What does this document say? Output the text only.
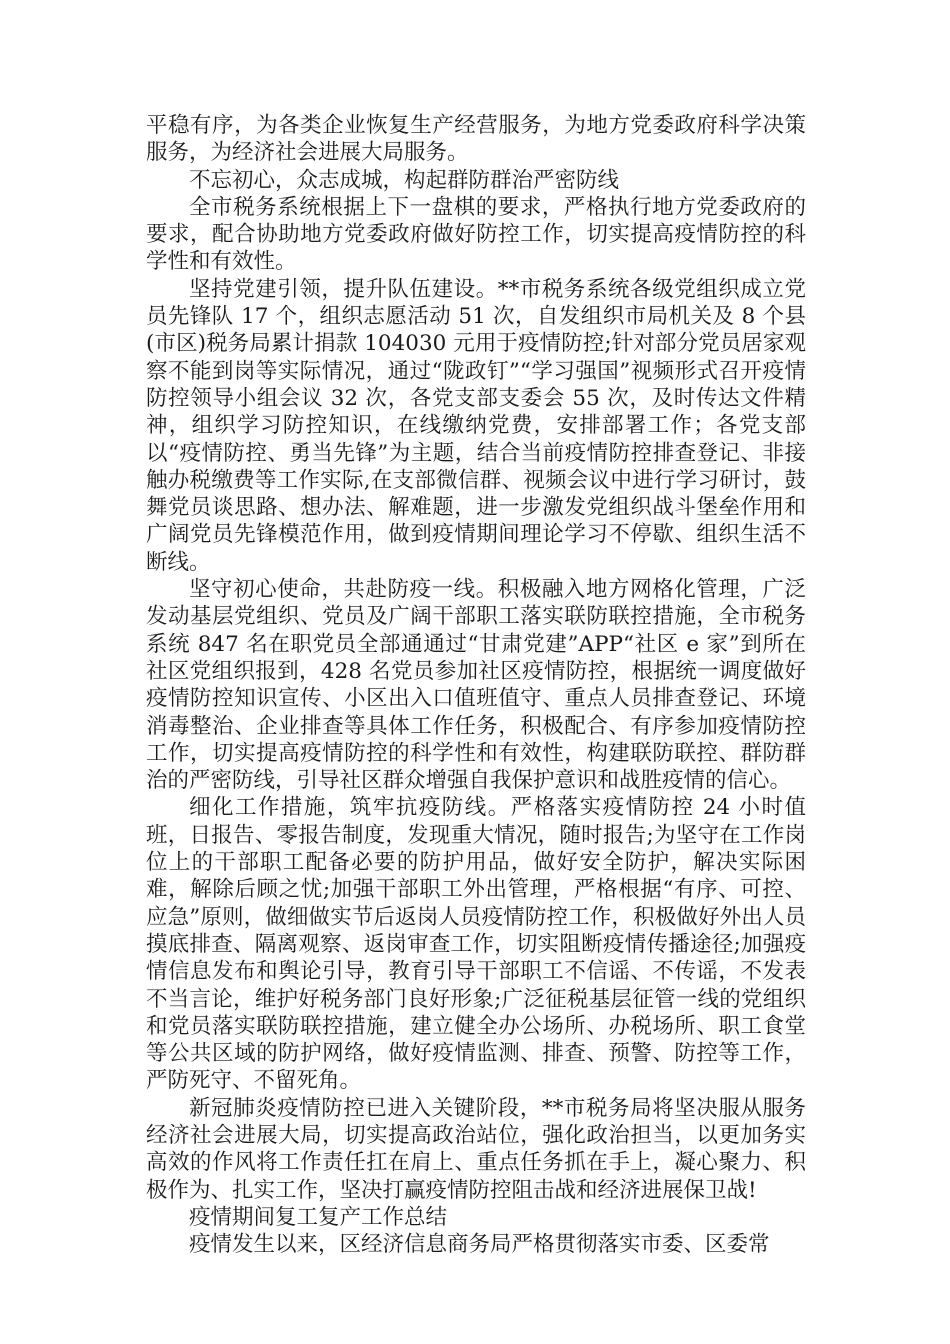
平稳有序，为各类企业恢复生产经营服务，为地方党委政府科学决策服务，为经济社会进展大局服务。

不忘初心，众志成城，构起群防群治严密防线

全市税务系统根据上下一盘棋的要求，严格执行地方党委政府的要求，配合协助地方党委政府做好防控工作，切实提高疫情防控的科学性和有效性。

坚持党建引领，提升队伍建设。**市税务系统各级党组织成立党员先锋队 17 个，组织志愿活动 51 次，自发组织市局机关及 8 个县(市区)税务局累计捐款 104030 元用于疫情防控;针对部分党员居家观察不能到岗等实际情况，通过“陇政钉”“学习强国”视频形式召开疫情防控领导小组会议 32 次，各党支部支委会 55 次，及时传达文件精神，组织学习防控知识，在线缴纳党费，安排部署工作；各党支部以“疫情防控、勇当先锋”为主题，结合当前疫情防控排查登记、非接触办税缴费等工作实际,在支部微信群、视频会议中进行学习研讨，鼓舞党员谈思路、想办法、解难题，进一步激发党组织战斗堡垒作用和广阔党员先锋模范作用，做到疫情期间理论学习不停歇、组织生活不断线。

坚守初心使命，共赴防疫一线。积极融入地方网格化管理，广泛发动基层党组织、党员及广阔干部职工落实联防联控措施，全市税务系统 847 名在职党员全部通通过“甘肃党建”APP“社区 e 家”到所在社区党组织报到，428 名党员参加社区疫情防控，根据统一调度做好疫情防控知识宣传、小区出入口值班值守、重点人员排查登记、环境消毒整治、企业排查等具体工作任务，积极配合、有序参加疫情防控工作，切实提高疫情防控的科学性和有效性，构建联防联控、群防群治的严密防线，引导社区群众增强自我保护意识和战胜疫情的信心。

细化工作措施，筑牢抗疫防线。严格落实疫情防控 24 小时值班，日报告、零报告制度，发现重大情况，随时报告;为坚守在工作岗位上的干部职工配备必要的防护用品，做好安全防护，解决实际困难，解除后顾之忧;加强干部职工外出管理，严格根据“有序、可控、应急”原则，做细做实节后返岗人员疫情防控工作，积极做好外出人员摸底排查、隔离观察、返岗审查工作，切实阻断疫情传播途径;加强疫情信息发布和舆论引导，教育引导干部职工不信谣、不传谣，不发表不当言论，维护好税务部门良好形象;广泛征税基层征管一线的党组织和党员落实联防联控措施，建立健全办公场所、办税场所、职工食堂等公共区域的防护网络，做好疫情监测、排查、预警、防控等工作，严防死守、不留死角。

新冠肺炎疫情防控已进入关键阶段，**市税务局将坚决服从服务经济社会进展大局，切实提高政治站位，强化政治担当，以更加务实高效的作风将工作责任扛在肩上、重点任务抓在手上，凝心聚力、积极作为、扎实工作，坚决打赢疫情防控阻击战和经济进展保卫战!

疫情期间复工复产工作总结

疫情发生以来，区经济信息商务局严格贯彻落实市委、区委常
